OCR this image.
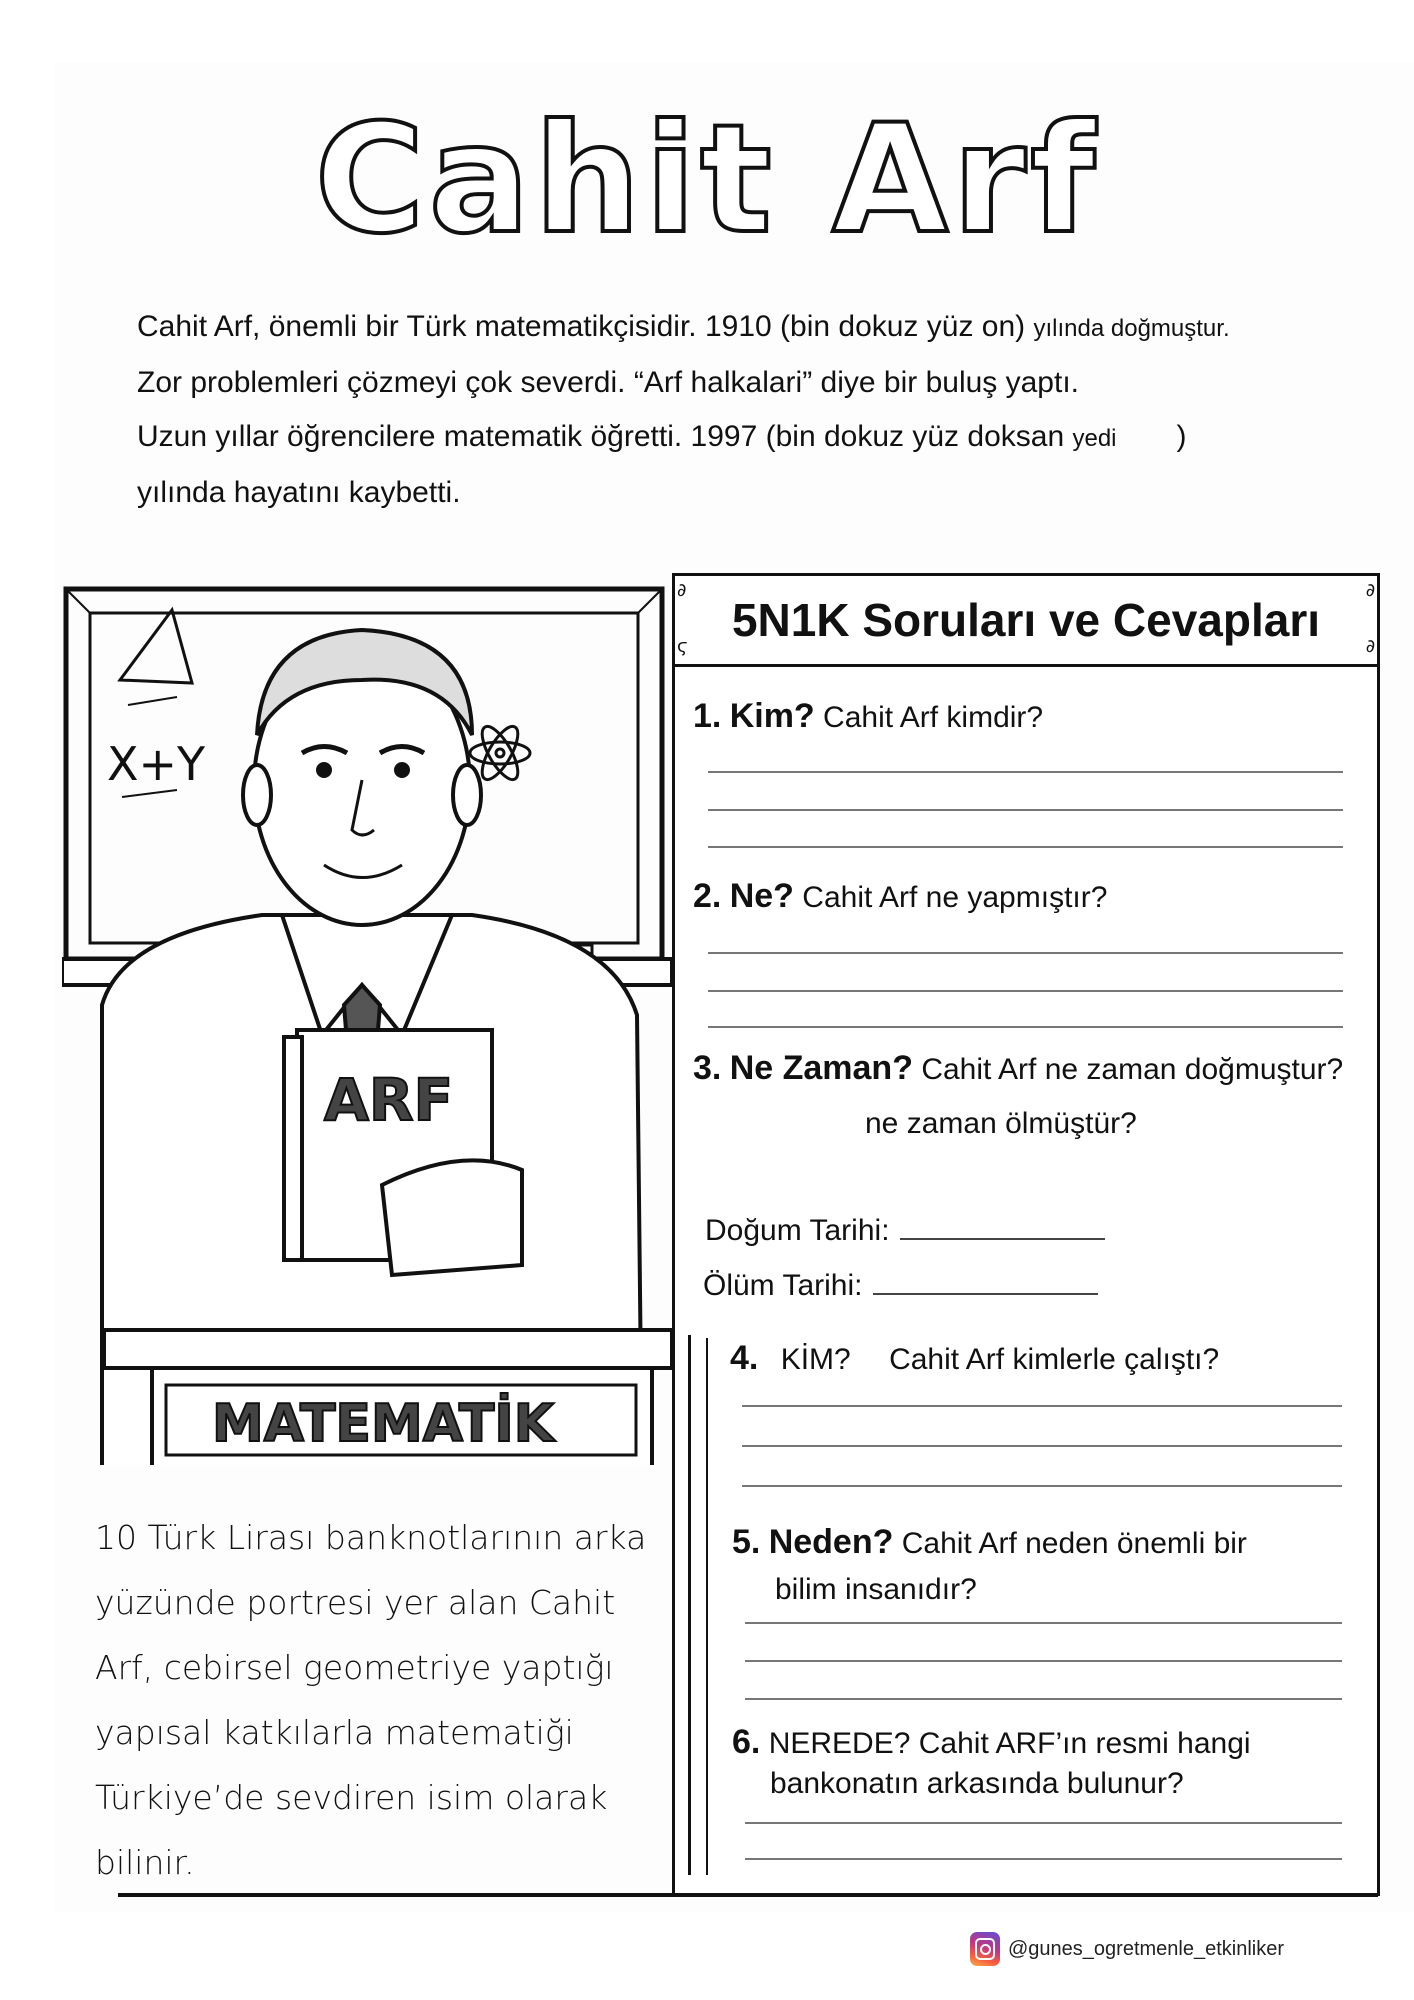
Cahit Arf

Cahit Arf, önemli bir Türk matematikçisidir. 1910 (bin dokuz yüz on) yılında doğmuştur.

Zor problemleri çözmeyi çok severdi. “Arf halkalari” diye bir buluş yaptı.

Uzun yıllar öğrencilere matematik öğretti. 1997 (bin dokuz yüz doksan yedi )

yılında hayatını kaybetti.

X+Y
ARF
MATEMATİK
5N1K Soruları ve Cevapları
∂
ϛ
∂
∂
1. Kim? Cahit Arf kimdir?
2. Ne? Cahit Arf ne yapmıştır?
3. Ne Zaman? Cahit Arf ne zaman doğmuştur?
ne zaman ölmüştür?
Doğum Tarihi:
Ölüm Tarihi:
4. KİM? Cahit Arf kimlerle çalıştı?
5. Neden? Cahit Arf neden önemli bir
bilim insanıdır?
6. NEREDE? Cahit ARF’ın resmi hangi
bankonatın arkasında bulunur?

10 Türk Lirası banknotlarının arka

yüzünde portresi yer alan Cahit

Arf, cebirsel geometriye yaptığı

yapısal katkılarla matematiği

Türkiye’de sevdiren isim olarak

bilinir.

@gunes_ogretmenle_etkinliker
